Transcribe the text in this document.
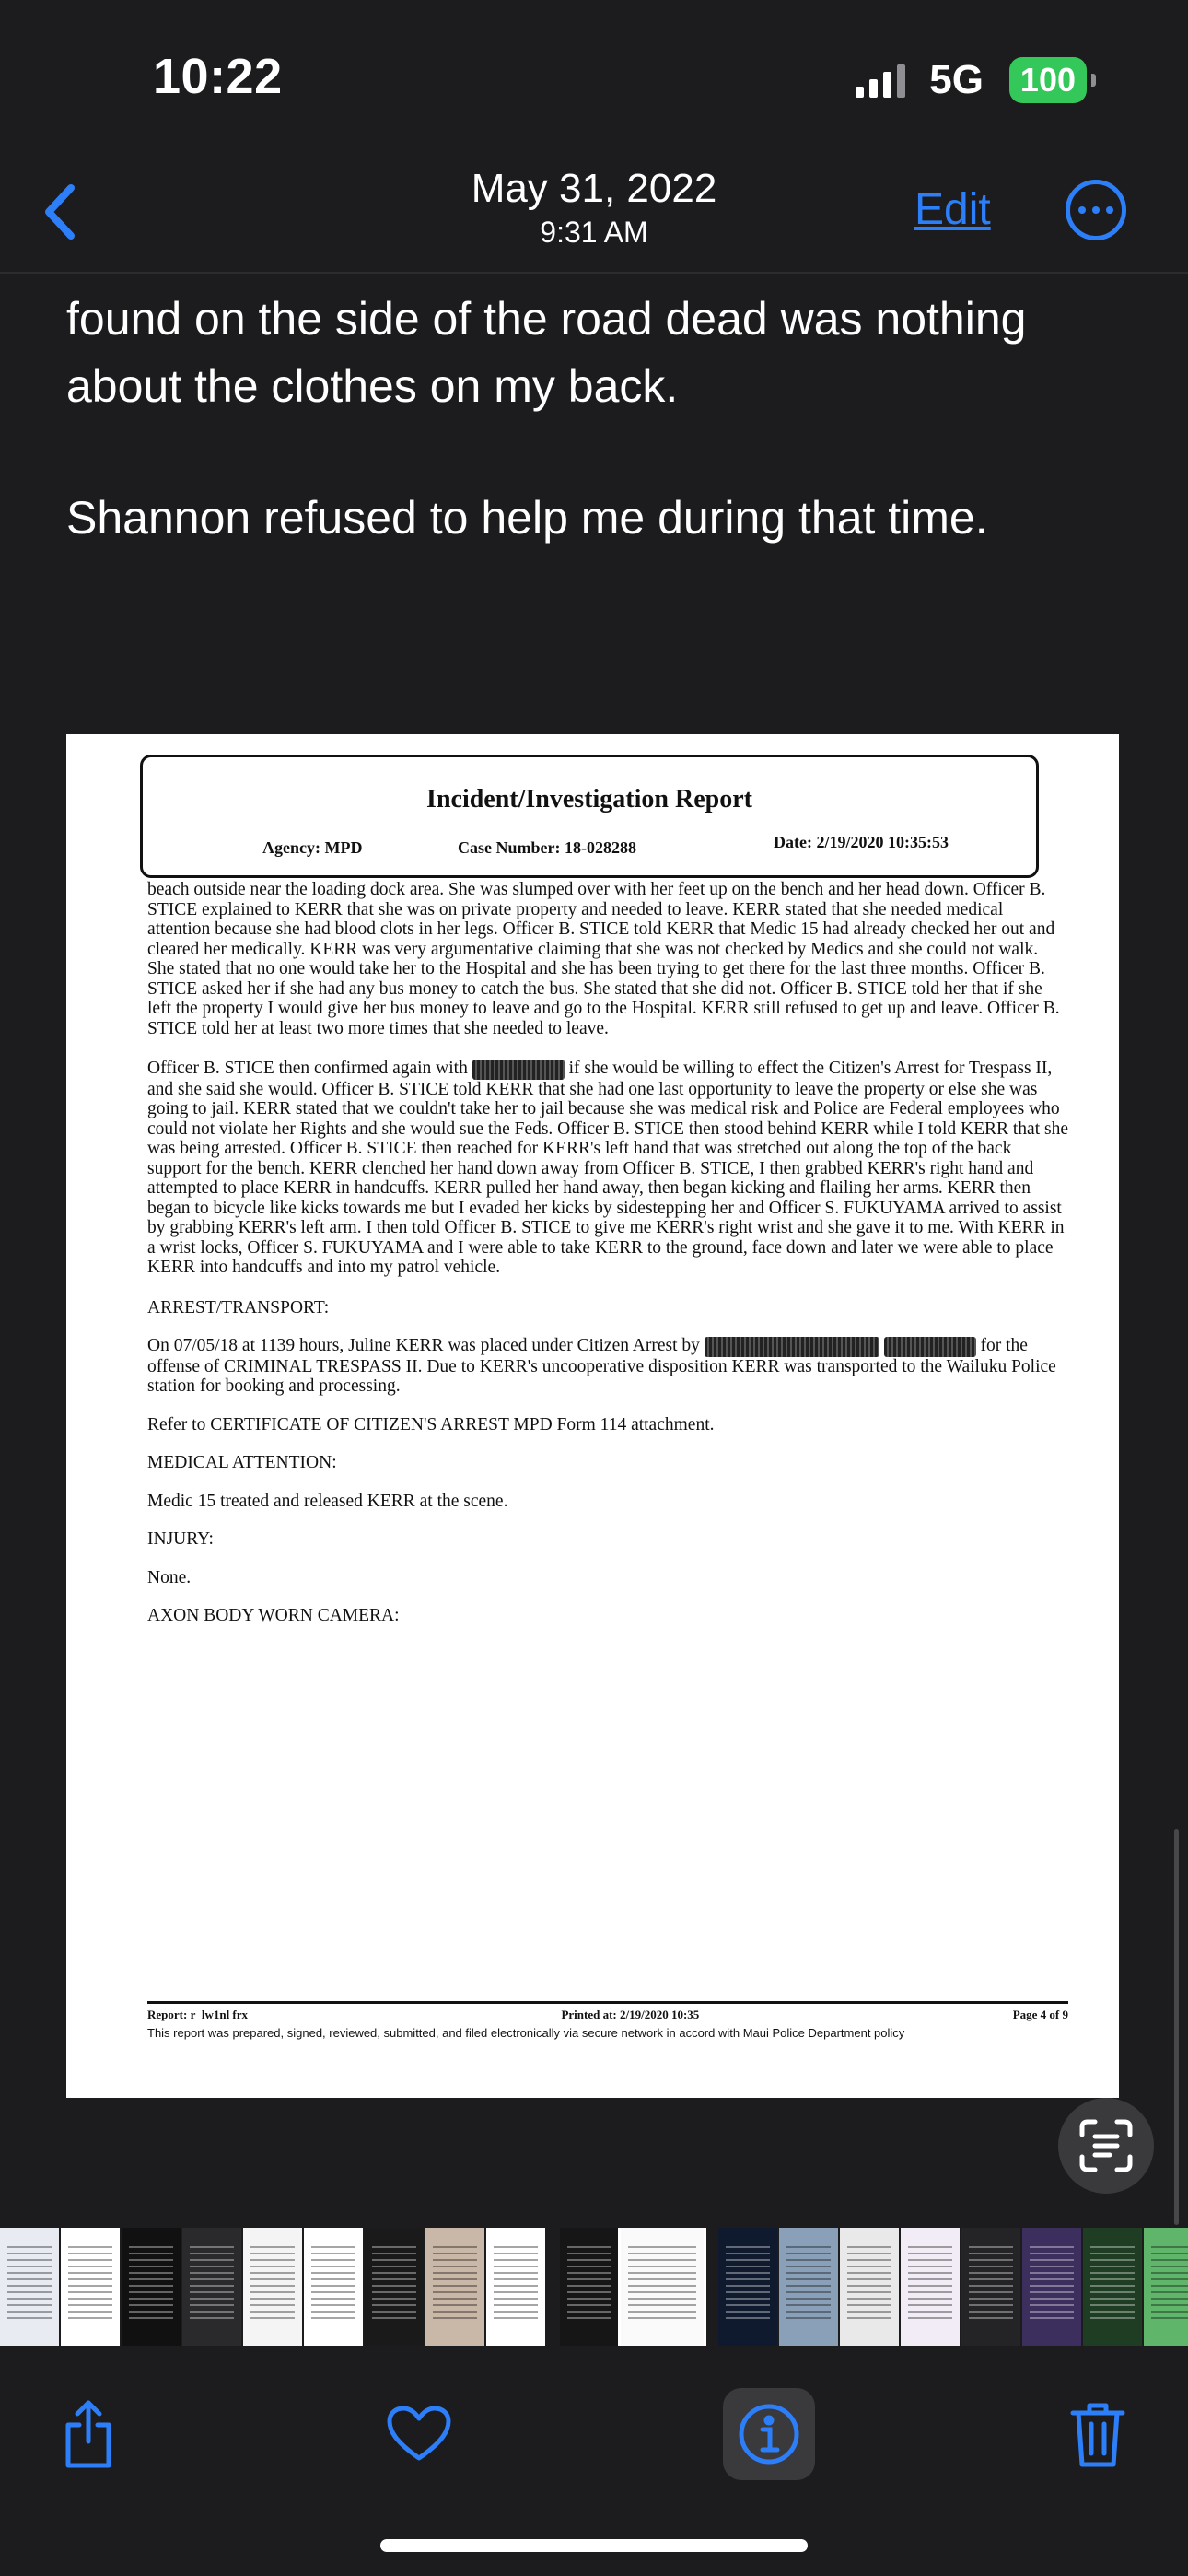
10:22	5G	100
May 31, 2022
9:31 AM	Edit

found on the side of the road dead was nothing about the clothes on my back.

Shannon refused to help me during that time.

Incident/Investigation Report
Agency: MPD	Case Number: 18-028288	Date: 2/19/2020 10:35:53

beach outside near the loading dock area. She was slumped over with her feet up on the bench and her head down. Officer B. STICE explained to KERR that she was on private property and needed to leave. KERR stated that she needed medical attention because she had blood clots in her legs. Officer B. STICE told KERR that Medic 15 had already checked her out and cleared her medically. KERR was very argumentative claiming that she was not checked by Medics and she could not walk. She stated that no one would take her to the Hospital and she has been trying to get there for the last three months. Officer B. STICE asked her if she had any bus money to catch the bus. She stated that she did not. Officer B. STICE told her that if she left the property I would give her bus money to leave and go to the Hospital. KERR still refused to get up and leave. Officer B. STICE told her at least two more times that she needed to leave.

Officer B. STICE then confirmed again with	if she would be willing to effect the Citizen's Arrest for Trespass II, and she said she would. Officer B. STICE told KERR that she had one last opportunity to leave the property or else she was going to jail. KERR stated that we couldn't take her to jail because she was medical risk and Police are Federal employees who could not violate her Rights and she would sue the Feds. Officer B. STICE then stood behind KERR while I told KERR that she was being arrested. Officer B. STICE then reached for KERR's left hand that was stretched out along the top of the back support for the bench. KERR clenched her hand down away from Officer B. STICE, I then grabbed KERR's right hand and attempted to place KERR in handcuffs. KERR pulled her hand away, then began kicking and flailing her arms. KERR then began to bicycle like kicks towards me but I evaded her kicks by sidestepping her and Officer S. FUKUYAMA arrived to assist by grabbing KERR's left arm. I then told Officer B. STICE to give me KERR's right wrist and she gave it to me. With KERR in a wrist locks, Officer S. FUKUYAMA and I were able to take KERR to the ground, face down and later we were able to place KERR into handcuffs and into my patrol vehicle.

ARREST/TRANSPORT:

On 07/05/18 at 1139 hours, Juline KERR was placed under Citizen Arrest by	for the offense of CRIMINAL TRESPASS II. Due to KERR's uncooperative disposition KERR was transported to the Wailuku Police station for booking and processing.

Refer to CERTIFICATE OF CITIZEN'S ARREST MPD Form 114 attachment.

MEDICAL ATTENTION:

Medic 15 treated and released KERR at the scene.

INJURY:

None.

AXON BODY WORN CAMERA:

Report: r_lw1nl frx	Printed at: 2/19/2020 10:35	Page 4 of 9
This report was prepared, signed, reviewed, submitted, and filed electronically via secure network in accord with Maui Police Department policy
